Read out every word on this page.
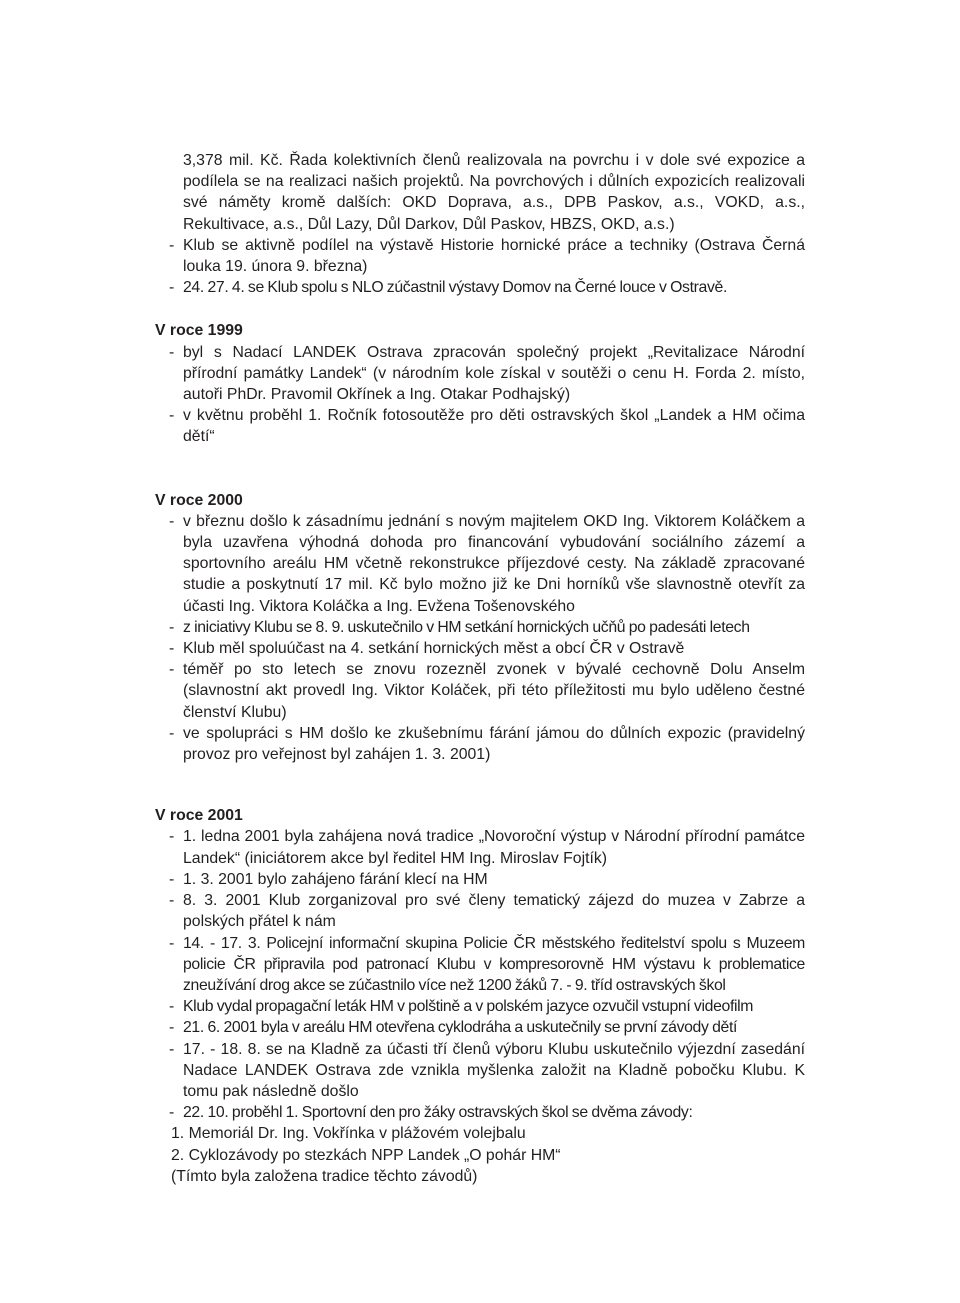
3,378 mil. Kč. Řada kolektivních členů realizovala na povrchu i v dole své expozice a podílela se na realizaci našich projektů. Na povrchových i důlních expozicích realizovali své náměty kromě dalších: OKD Doprava, a.s., DPB Paskov, a.s., VOKD, a.s., Rekultivace, a.s., Důl Lazy, Důl Darkov, Důl Paskov, HBZS, OKD, a.s.)
- Klub se aktivně podílel na výstavě Historie hornické práce a techniky (Ostrava Černá louka 19. února 9. března)
- 24. 27. 4. se Klub spolu s NLO zúčastnil výstavy Domov na Černé louce v Ostravě.
V roce 1999
- byl s Nadací LANDEK Ostrava zpracován společný projekt „Revitalizace Národní přírodní památky Landek“ (v národním kole získal v soutěži o cenu H. Forda 2. místo, autoři PhDr. Pravomil Okřínek a Ing. Otakar Podhajský)
- v květnu proběhl 1. Ročník fotosoutěže pro děti ostravských škol „Landek a HM očima dětí“
V roce 2000
- v březnu došlo k zásadnímu jednání s novým majitelem OKD Ing. Viktorem Koláčkem a byla uzavřena výhodná dohoda pro financování vybudování sociálního zázemí a sportovního areálu HM včetně rekonstrukce příjezdové cesty. Na základě zpracované studie a poskytnutí 17 mil. Kč bylo možno již ke Dni horníků vše slavnostně otevřít za účasti Ing. Viktora Koláčka a Ing. Evžena Tošenovského
- z iniciativy Klubu se 8. 9. uskutečnilo v HM setkání hornických učňů po padesáti letech
- Klub měl spoluúčast na 4. setkání hornických měst a obcí ČR v Ostravě
- téměř po sto letech se znovu rozezněl zvonek v bývalé cechovně Dolu Anselm (slavnostní akt provedl Ing. Viktor Koláček, při této příležitosti mu bylo uděleno čestné členství Klubu)
- ve spolupráci s HM došlo ke zkušebnímu fárání jámou do důlních expozic (pravidelný provoz pro veřejnost byl zahájen 1. 3. 2001)
V roce 2001
- 1. ledna 2001 byla zahájena nová tradice „Novoroční výstup v Národní přírodní památce Landek“ (iniciátorem akce byl ředitel HM Ing. Miroslav Fojtík)
- 1. 3. 2001 bylo zahájeno fárání klecí na HM
- 8. 3. 2001 Klub zorganizoval pro své členy tematický zájezd do muzea v Zabrze a polských přátel k nám
- 14. - 17. 3. Policejní informační skupina Policie ČR městského ředitelství spolu s Muzeem policie ČR připravila pod patronací Klubu v kompresorovně HM výstavu k problematice zneužívání drog akce se zúčastnilo více než 1200 žáků 7. - 9. tříd ostravských škol
- Klub vydal propagační leták HM v polštině a v polském jazyce ozvučil vstupní videofilm
- 21. 6. 2001 byla v areálu HM otevřena cyklodráha a uskutečnily se první závody dětí
- 17. - 18. 8. se na Kladně za účasti tří členů výboru Klubu uskutečnilo výjezdní zasedání Nadace LANDEK Ostrava zde vznikla myšlenka založit na Kladně pobočku Klubu. K tomu pak následně došlo
- 22. 10. proběhl 1. Sportovní den pro žáky ostravských škol se dvěma závody:
1. Memoriál Dr. Ing. Vokřínka v plážovém volejbalu
2. Cyklozávody po stezkách NPP Landek „O pohár HM“
(Tímto byla založena tradice těchto závodů)
